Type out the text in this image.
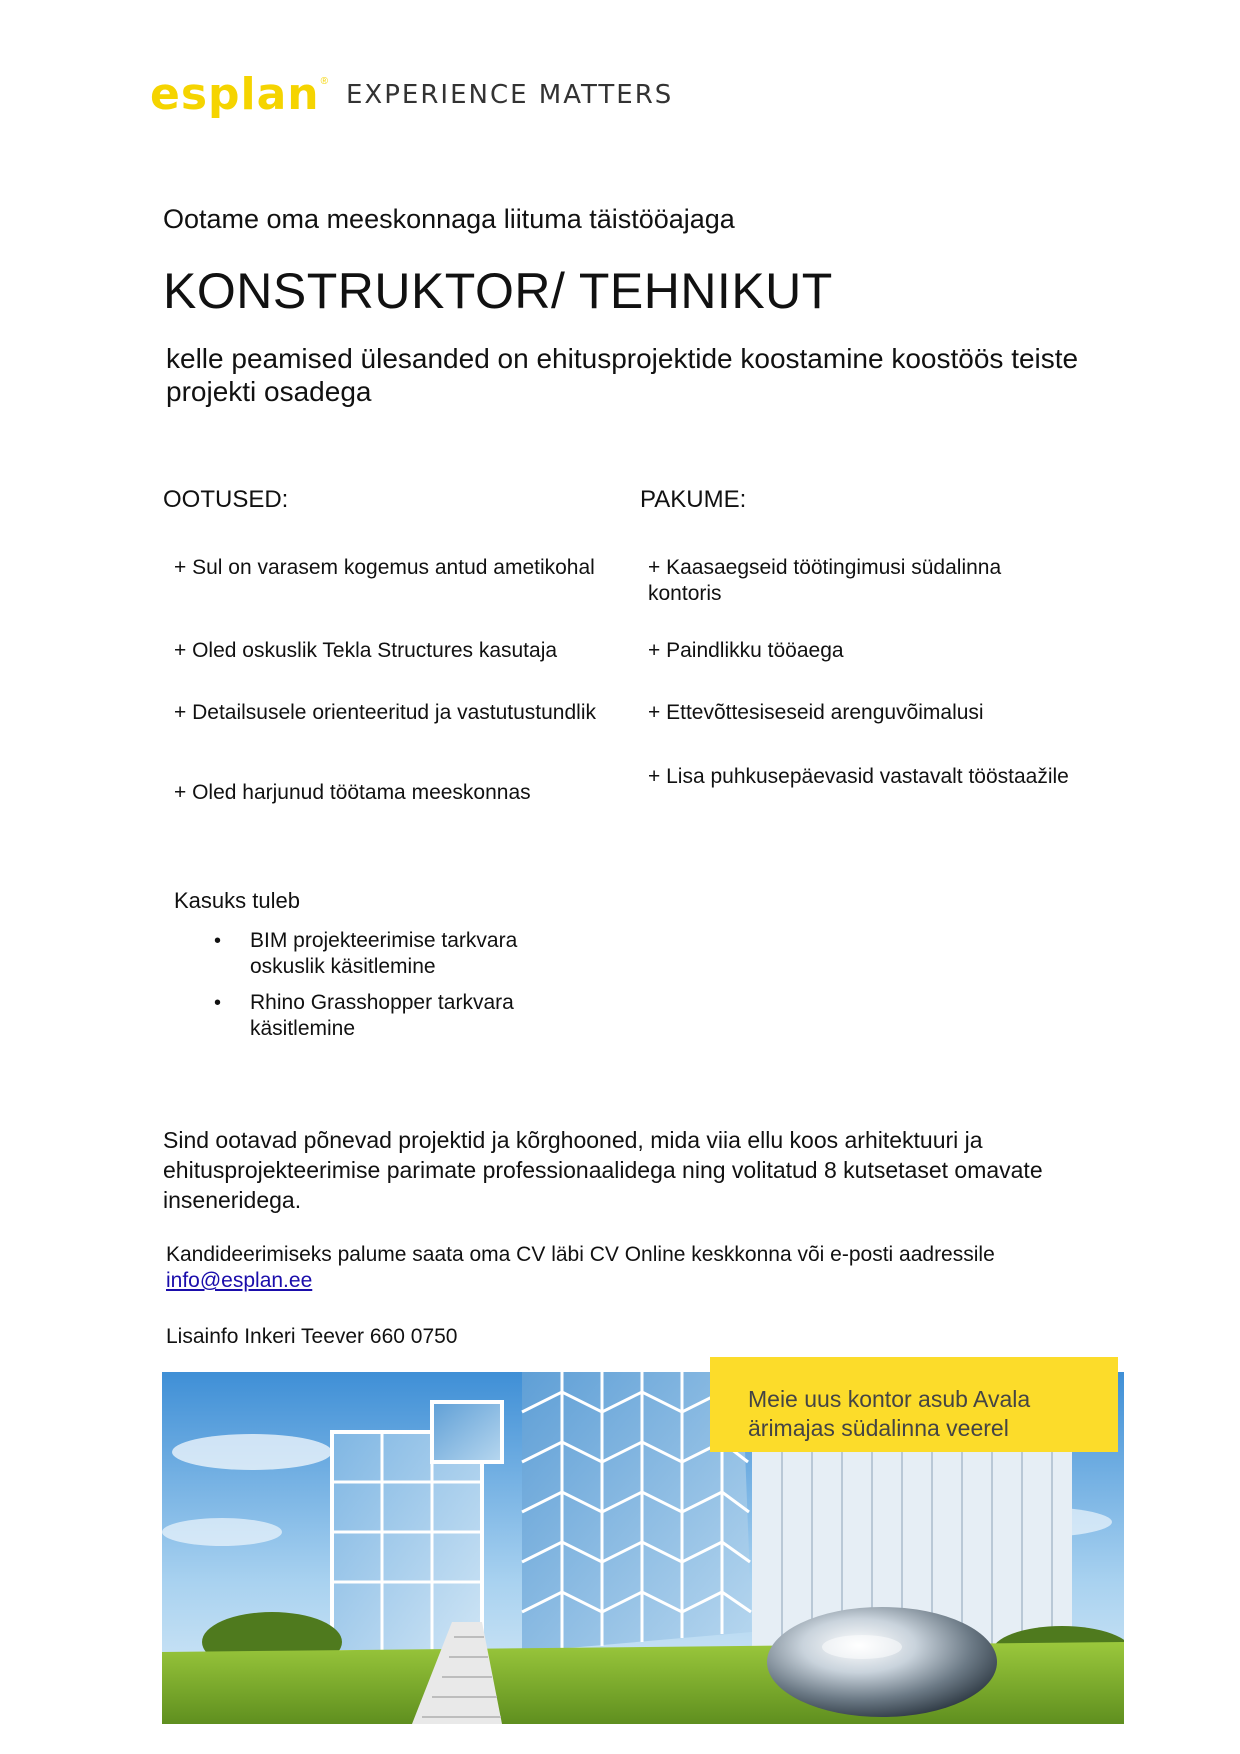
esplan ® EXPERIENCE MATTERS
Ootame oma meeskonnaga liituma täistööajaga
KONSTRUKTOR/ TEHNIKUT
kelle peamised ülesanded on ehitusprojektide koostamine koostöös teiste projekti osadega
OOTUSED:
+ Sul on varasem kogemus antud ametikohal
+ Oled oskuslik Tekla Structures kasutaja
+ Detailsusele orienteeritud ja vastutustundlik
+ Oled harjunud töötama meeskonnas
PAKUME:
+ Kaasaegseid töötingimusi südalinna kontoris
+ Paindlikku tööaega
+ Ettevõttesiseseid arenguvõimalusi
+ Lisa puhkusepäevasid vastavalt tööstaažile
Kasuks tuleb
• BIM projekteerimise tarkvara oskuslik käsitlemine
• Rhino Grasshopper tarkvara käsitlemine
Sind ootavad põnevad projektid ja kõrghooned, mida viia ellu koos arhitektuuri ja ehitusprojekteerimise parimate professionaalidega ning volitatud 8 kutsetaset omavate inseneridega.
Kandideerimiseks palume saata oma CV läbi CV Online keskkonna või e-posti aadressile
info@esplan.ee
Lisainfo Inkeri Teever 660 0750
Meie uus kontor asub Avala ärimajas südalinna veerel
